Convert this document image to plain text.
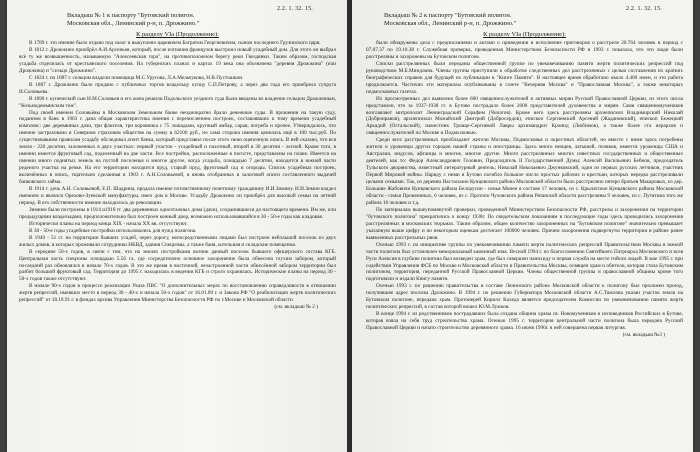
2.2. 1. 32. 15.
Вкладыш № 1 к паспорту "Бутовский полигон.
Московская обл., Ленинский р-н, п. Дрожжино."
К разделу VIa (Продолжение):

В 1789 г. это имение было отдано под залог и выкуплено царевичем Багратом Георгиевичем, сыном последнего Грузинского царя.

В 1812 г. Дрожжино приобрёл А.И.Арсеньев, который, после изгнания французов выстроил новый усадебный дом. Для этого он выбрал всё ту же возвышенность, называемую "Алексеевская гора", на противоположном берегу реки Гвоздянки. Таким образом, господская усадьба отделилась от крестьянского поселения. На губернских планах и картах 19 века она обозначена "деревня Дрожжина" (или Дрожжина) и "сельцо Дрожжино".

С 1824 г. по 1887 г. сельцом владели помещица М.С.Урусова, Л.А.Мельчукова, Н.В.Пустошкин.

В 1887 г. Дрожжино было продано с публичных торгов владельцу купцу С.П.Петрову, а через два года его приобрела супруга И.Соловьева.

В 1890 г. купеческий сын Н.М.Соловьев и его жена решили Подольского уездного суда были введены во владение сельцом Дрожжиным, "Козьмодемьянским тож".

Под своей именем Соловьёвы в Московском Земельном банке неоднократно брали денежные суды. В прошении на такую суду, поданном в банк в 1903 г. дана общая характеристика имения с перечислением построек, составлявших к тому времени усадебный комплекс: две деревянных дачи, три флигеля, три коровника с 75 лошадьми, крупный амбар, сарая, погреба и прочее. Утверждалось, что имение застраховано в Северном страховом обществе на сумму в 62100 руб., но сама сторона имения ценилась ещё в 100 тыс.руб. По существовавшим правилам усадьбу обследовал агент банка, который представил после этого свою оценочную опись. В ней сказано, что вся земля - 220 десятин, заложенных в двух участках: первый участок - усадебный и пахотный, второй в 30 десятин - лесной. Кроме того, в имении имеется фруктовый сад, поделенный на две части. Все постройки, расположенные в погосте, представлены на плане. Имеется на имении много поднятых земель на пустой поселенья и многое другое, когда усадьба, площадью 7 десятин, находится в южной части реденого участка на речке. На его территории находится пруд, старый пруд, фруктовый сад и огороды. Список усадебных построек, включённых в опись, тщательно сделанная в 1903 г. А.Н.Соловьевой, в вновь отобранных в залоговой описи составленного выдачей банковского займа.

В 1914 г. дочь А.Н. Соловьевой, Е.П. Шадрина, продала имение потомственному почетному гражданину И.И.Зимину. И.И.Зимин владел имением и являлся Орехово-Зуевской мануфактуры, имел дом в Москве. Усадьбу Дрожжино он приобрёл для высокой семьи на летний период. В его собственности имение находилось до революции.

Зимним были построены в 1914 и1918 гг. два деревянных одноэтажных дома (дачи), сохранившиеся до настоящего времени. Им же, или предыдущими владельцами, предположительно был построен конный двор, возможно использовавшийся в 30 - 50-е годы как кладовая.

Исторически планы на период конца XIX - начала XX вв. отсутствуют.

В 30 - 50-е годы усадебные постройки использовались для нужд полигона.

В 1940 - 51 гг. на территории бывших усадеб, через дорогу, непосредственными лицами был построен небольшой поселок из двух жилых домов, в которых проживали сотрудники НКВД, здания Специзмы, а также баня, котельная и складские помещения.

В середине 50-х годов, в связи с тем, что на землях постройками возник дачный поселок бывшего офицерского состава КГБ. Центральная часть спецзоны площадью 5.56 га, где сосредоточено основное захоронение была обнесена глухим забором, который последний раз обновлялся в начале 70-х годов. В это же время в восточной, незастроенной части обнесённой забором территории был разбит большой фруктовый сад. Территория до 1995 г. находилась в ведении КГБ и строго охранялась. Исторические планы на период 30 - 50-х годов также отсутствуют.

В начале 90-х годов в процессе реализации Указа ПВС "О дополнительных мерах по восстановлению справедливости в отношении жертв репрессий, имевших место в период 30 - 40-х и начала 50-х годов" от 16.01.89 г. и Закона РФ "О реабилитации жертв политических репрессий" от 18.10.91 г. в фондах архива Управления Министерства Безопасности РФ по г.Москве и Московской области

(см. вкладыш № 2 )
2.2. 1. 32. 15.
Вкладыш № 2 к паспорту "Бутовский полигон.
Московская обл., Ленинский р-н, п. Дрожжино."
К разделу VIa (Продолжение):

были обнаружены дела с предписаниями и актами о приведении в исполнение приговоров о расстреле 20.764 человек в период с 07.07.37 по 19.10.38 г. Служебная проверка, проведенная Министерством Безопасности РФ в 1993 г. показала, что эти люди были расстреляны и захоронены на Бутовском полигоне.

Списки расстрелянных были переданы общественной группе по увековечиванию памяти жертв политических репрессий под руководством М.Б.Миндлина. Члены группы приступили к обработке следственных дел расстрелянных с целью составления их кратких биографических справок для будущей их публикации в "Книге Памяти". В настоящее время обработано около 4.400 имен, и это работа продолжается. Частично эти материалы опубликованы в газете "Вечерняя Москва" и "Православная Москва", а также некоторых подмосковных газетах.

Их просмотренных дел выявлено более 600 священнослужителей и активных мирян Русской Православной Церкви, из этого числа представлен, что за 1937-1938 гг. в Бутово пострадало более 2000 представителей духовенства и мирян. Сами священномучеников возглавляет митрополит Ленинградский Серафим (Чичагов). Кроме него здесь расстреляны архиепископ Владимирский Николай (Добронравов), архиепископ Можайский Дмитрий (Добросердов), епископ Сергиевский Арсений (Жадановский), епископ Бежецкий Аркадий (Остальский), наместник Троице-Сергиевой Лавры архимандрит Кронид (Любимов), а также более ста иерархов и священнослужителей по Москве и Подмосковью.

Среди всех расстрелянных преобладают жители Москвы, Подмосковья и окрестных областей, но вместе с ними здесь погребены жители и уроженцы других городов нашей страны и иностранцы. Здесь много немцев, латышей, поляков, имеется уроженцы США и Австралии, индусов, афганцы и многие, многие другие. Много расстрелянных многих известных государственных и общественных деятелей, как то: Федор Александрович Головин, Председатель II Государственной Думы; Алексей Васильевич Бебнов, председатель Тульского дворянства, известный литературный деятель; Николай Николаевич Джунковский, один из первых русских летчиков, участник Первой Мировой войны. Наряду с ними в Бутово погибло большое число простых рабочих и крестьян, которых нередко расстреливали целыми семьями. Так, из деревни Настасьино Кунцевского района Московской области было расстреляно пятеро братьев Макаровых, из дер. Большие Жабовичи Кунцевского района Белорусии - семья Монен в составе 17 человек, из с. Крылатское Кунцевского района Московской области - семья Пронениных, 6 человек, из с. Протопо Чуховского района Рязанской области расстреляны 9 человек, из с. Путятина того же района 16 человек и т.д.

По материалам вышеупомянутой проверки, проведенной Министерством Безопасности РФ, расстрелы и захоронения на территории "бутовского полигона" прекратились к концу 1938г. По свидетельским показаниям в последующие годы здесь проводились захоронения расстрелянных в московских тюрьмах. Таким образом, общее количество захороненных на "Бутовском полигоне" значительно превышает указанную выше цифру и по некоторым оценкам достигает 100000 человек. Причем захоронения подвергнуты территории в районе ранее выявленных расстрельных рвов.

Осенью 1993 г. по инициативе группы по увековечиванию памяти жертв политических репрессий Правительством Москвы в южной части полигона был установлен мемориальный каменный знак. Весной 1994 г. по благословению Святейшего Патриарха Московского и всея Руси Алексия в глубине полигона был возведен храм, где был совершен панихиду и первая служба на месте гибели людей. В мае 1995 г. при содействии Управления ФСБ по Москве и Московской области и Правительства Москвы, освящен храм и обители, которая стала Бутовским полигоном, территория, переданной Русской Православной Церкви. Члены общественной группы и православной общины кроме того подготовили и издали Книгу памяти.

Осенью 1993 г. по решению правительства в составе Ленинского района Московской области к полигону был проложен проезд, получившее адрес поселка Дрожжино. В 1994 г. по решению Губернатора Московской области А.С.Тяжлова указан участок земли на Бутовском полигоне, передана храм. Протоиерей Кирилл Каледа является председателем Комиссии по увековечиванию памяти жертв политических репрессий, в состав которой вошел Ю.М.Лужков.

В конце 1994 г. из родственников пострадавших была создана община храма св. Новомучеников и исповедников Российских в Бутове, которая взяла на себя труд строительства храма. Осенью 1995 г. территория центральной части полигона была передана Русской Православной Церкви и начато строительство деревянного храма. 16 июня 1996г. в ней совершена первая литургия.

(см. вкладыш №3 )
